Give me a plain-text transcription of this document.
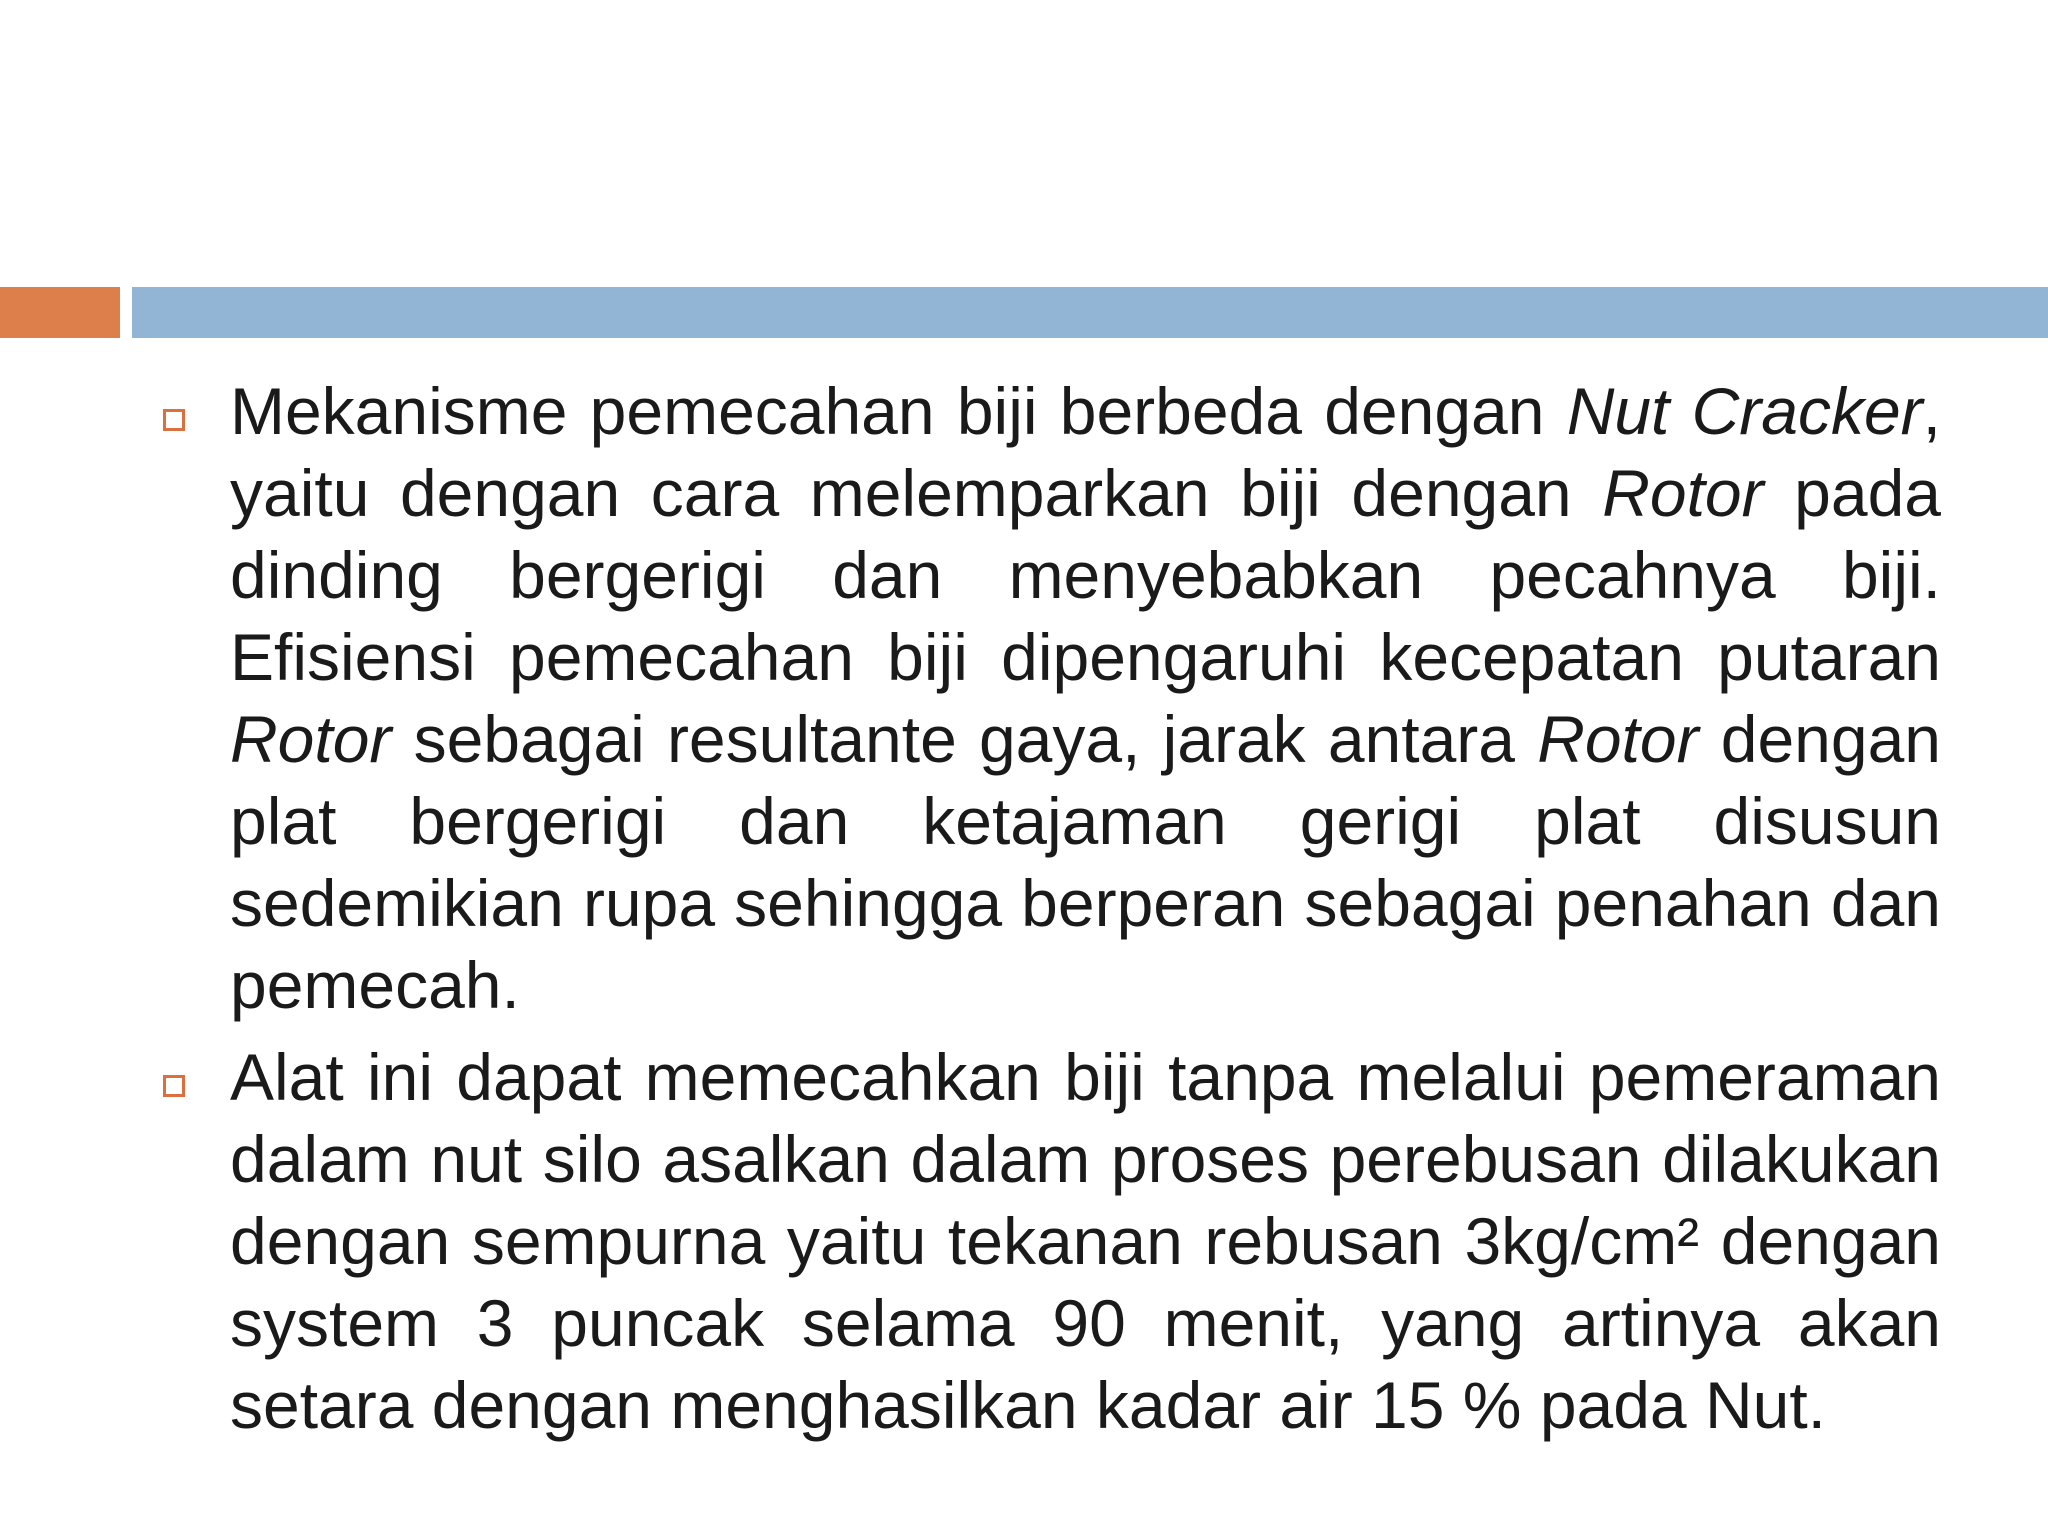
Mekanisme pemecahan biji berbeda dengan Nut Cracker, yaitu dengan cara melemparkan biji dengan Rotor pada dinding bergerigi dan menyebabkan pecahnya biji. Efisiensi pemecahan biji dipengaruhi kecepatan putaran Rotor sebagai resultante gaya, jarak antara Rotor dengan plat bergerigi dan ketajaman gerigi plat disusun sedemikian rupa sehingga berperan sebagai penahan dan pemecah.
Alat ini dapat memecahkan biji tanpa melalui pemeraman dalam nut silo asalkan dalam proses perebusan dilakukan dengan sempurna yaitu tekanan rebusan 3kg/cm² dengan system 3 puncak selama 90 menit, yang artinya akan setara dengan menghasilkan kadar air 15 % pada Nut.
